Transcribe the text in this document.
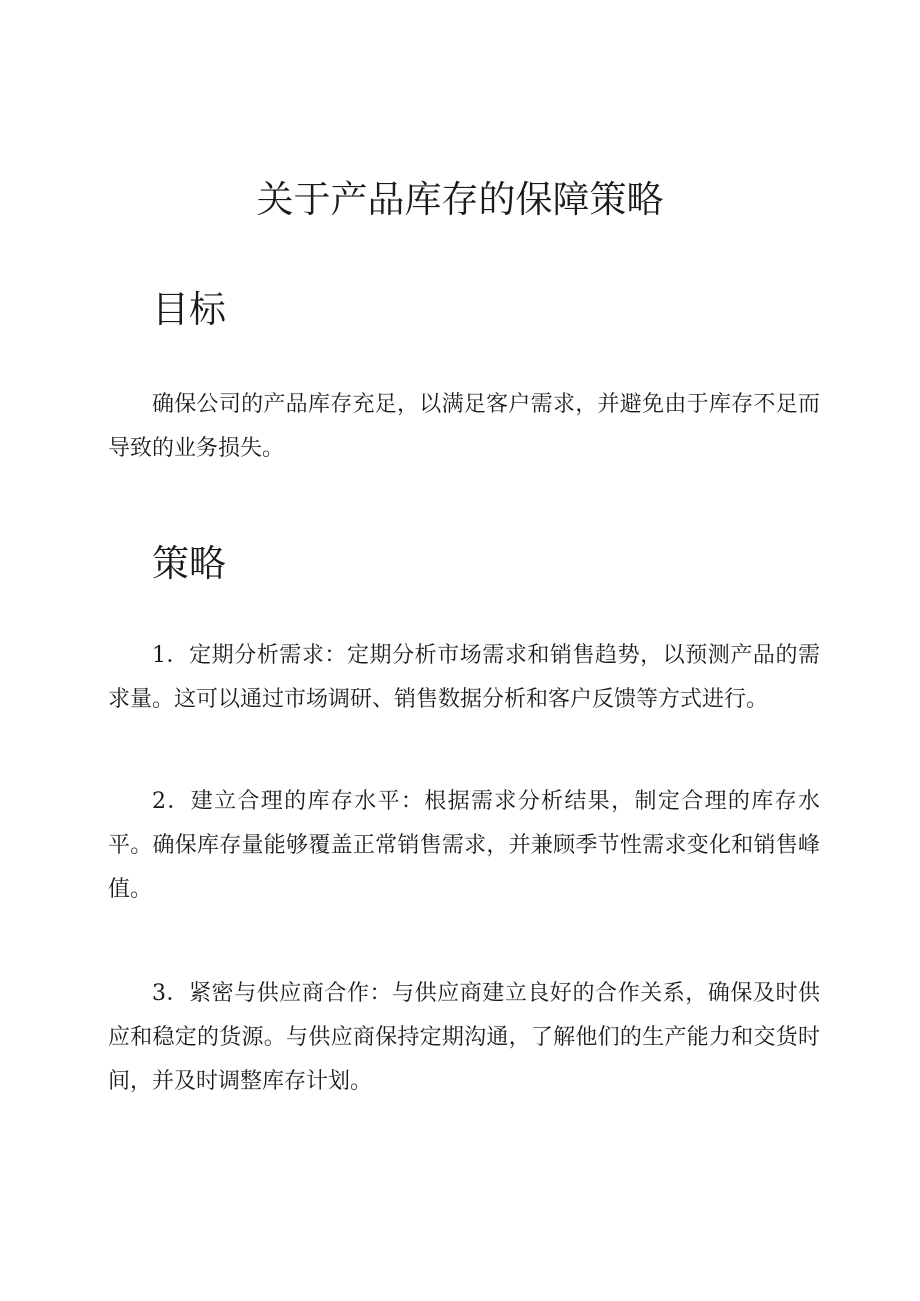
关于产品库存的保障策略
目标

确保公司的产品库存充足，以满足客户需求，并避免由于库存不足而导致的业务损失。

策略

1．定期分析需求：定期分析市场需求和销售趋势，以预测产品的需求量。这可以通过市场调研、销售数据分析和客户反馈等方式进行。

2．建立合理的库存水平：根据需求分析结果，制定合理的库存水平。确保库存量能够覆盖正常销售需求，并兼顾季节性需求变化和销售峰值。

3．紧密与供应商合作：与供应商建立良好的合作关系，确保及时供应和稳定的货源。与供应商保持定期沟通，了解他们的生产能力和交货时间，并及时调整库存计划。
